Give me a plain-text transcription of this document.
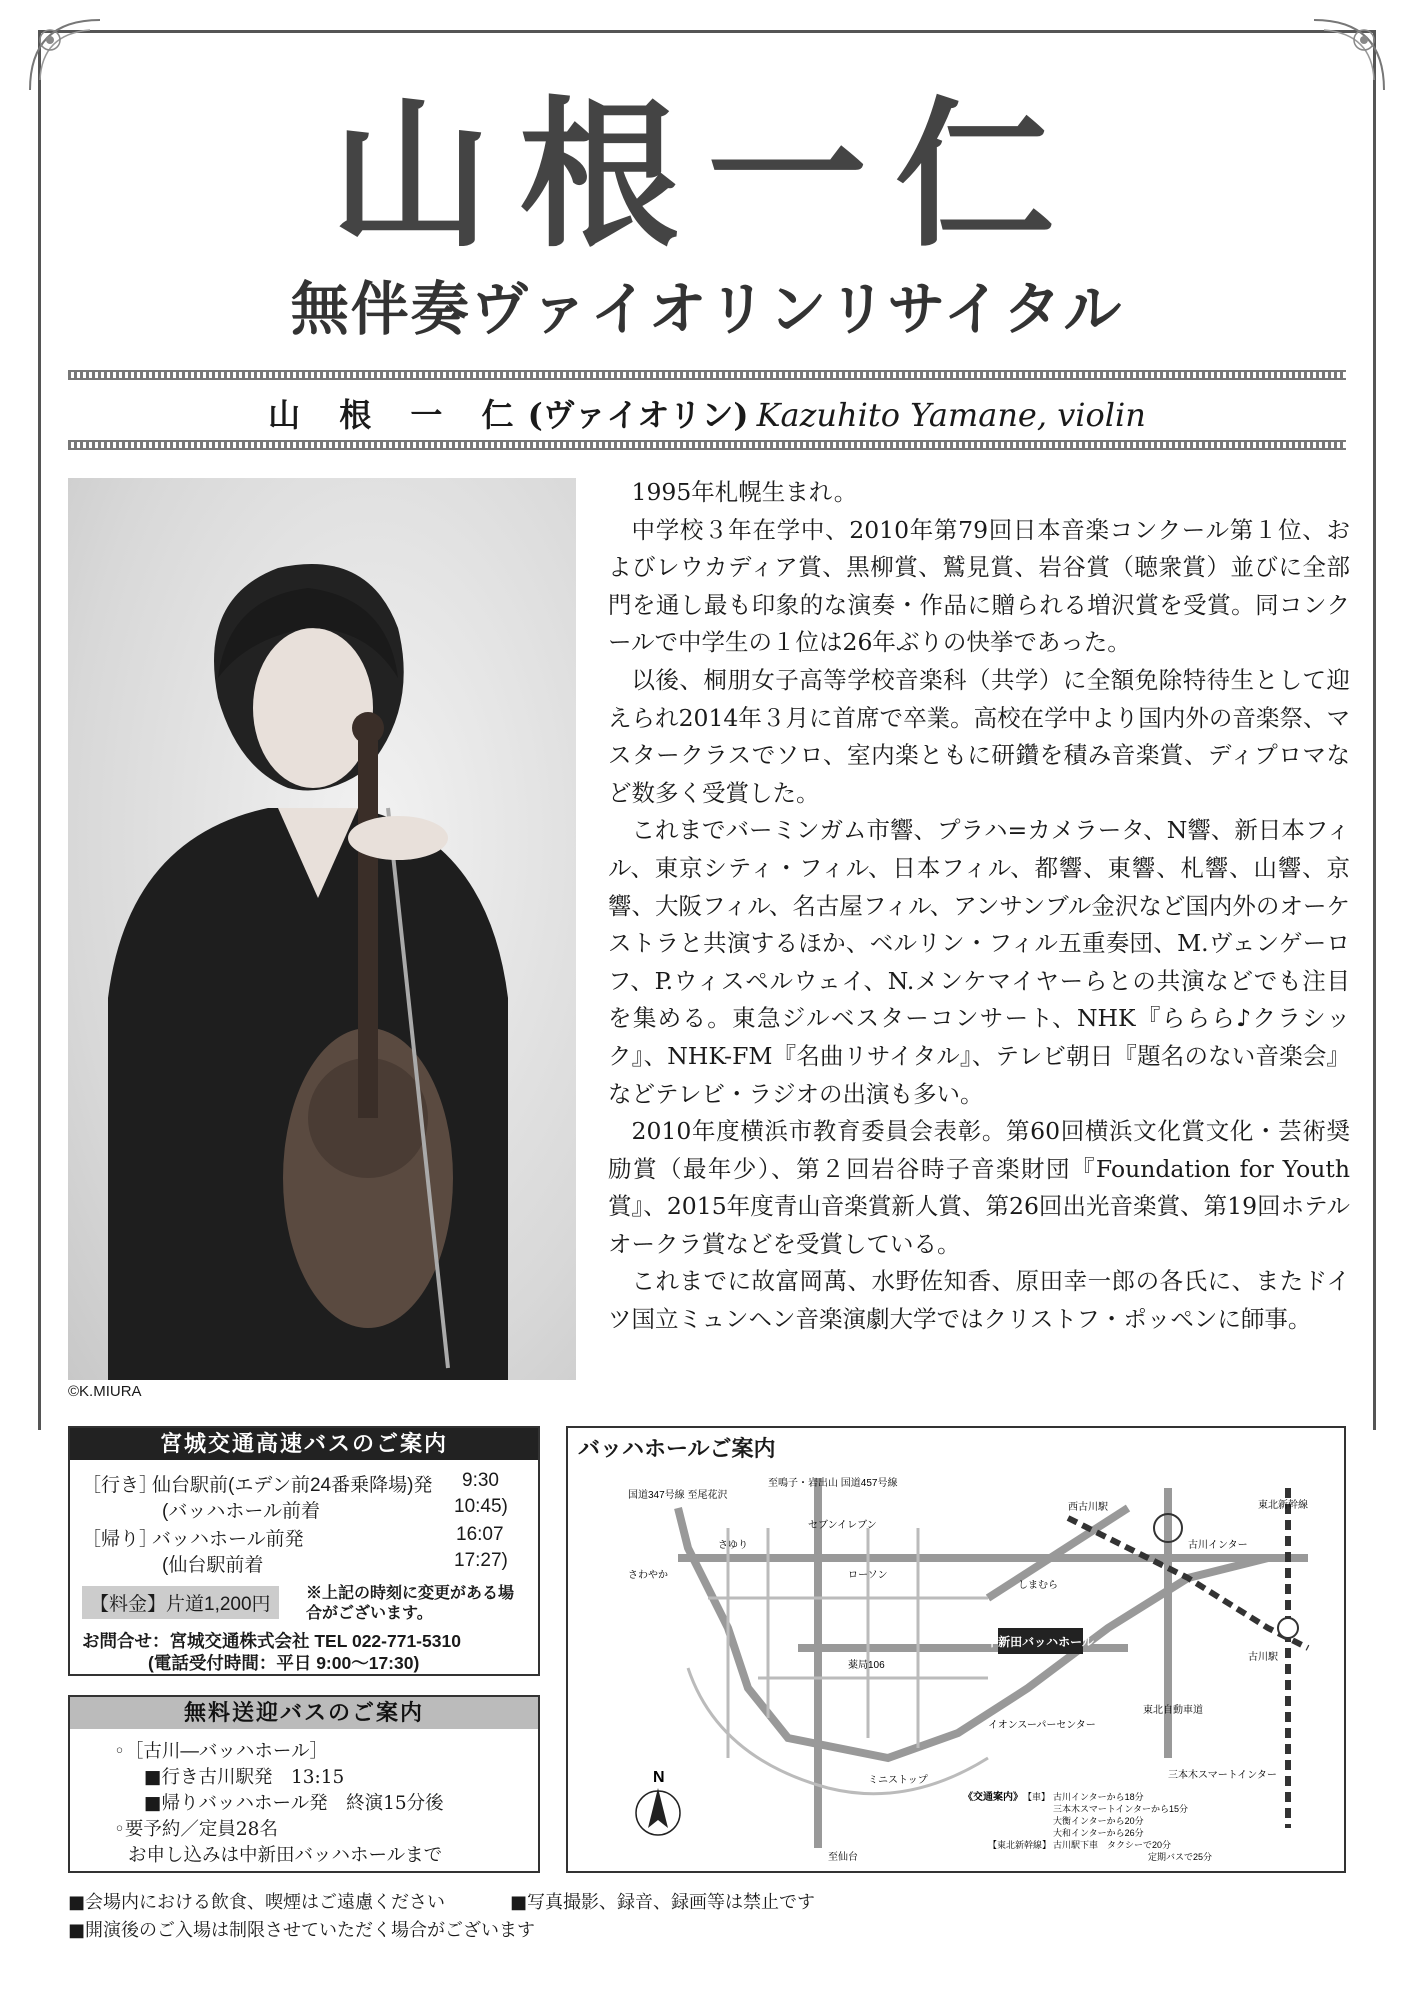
山根一仁
無伴奏ヴァイオリンリサイタル
山 根 一 仁(ヴァイオリン) Kazuhito Yamane, violin
©K.MIURA

1995年札幌生まれ。

中学校３年在学中、2010年第79回日本音楽コンクール第１位、およびレウカディア賞、黒柳賞、鷲見賞、岩谷賞（聴衆賞）並びに全部門を通し最も印象的な演奏・作品に贈られる増沢賞を受賞。同コンクールで中学生の１位は26年ぶりの快挙であった。

以後、桐朋女子高等学校音楽科（共学）に全額免除特待生として迎えられ2014年３月に首席で卒業。高校在学中より国内外の音楽祭、マスタークラスでソロ、室内楽ともに研鑽を積み音楽賞、ディプロマなど数多く受賞した。

これまでバーミンガム市響、プラハ=カメラータ、N響、新日本フィル、東京シティ・フィル、日本フィル、都響、東響、札響、山響、京響、大阪フィル、名古屋フィル、アンサンブル金沢など国内外のオーケストラと共演するほか、ベルリン・フィル五重奏団、M.ヴェンゲーロフ、P.ウィスペルウェイ、N.メンケマイヤーらとの共演などでも注目を集める。東急ジルベスターコンサート、NHK『ららら♪クラシック』、NHK-FM『名曲リサイタル』、テレビ朝日『題名のない音楽会』などテレビ・ラジオの出演も多い。

2010年度横浜市教育委員会表彰。第60回横浜文化賞文化・芸術奨励賞（最年少）、第２回岩谷時子音楽財団『Foundation for Youth 賞』、2015年度青山音楽賞新人賞、第26回出光音楽賞、第19回ホテルオークラ賞などを受賞している。

これまでに故富岡萬、水野佐知香、原田幸一郎の各氏に、またドイツ国立ミュンヘン音楽演劇大学ではクリストフ・ポッペンに師事。

宮城交通高速バスのご案内
［行き］
仙台駅前(エデン前24番乗降場)発 9:30
(バッハホール前着	10:45)
［帰り］
バッハホール前発	16:07
(仙台駅前着	17:27)
【料金】片道1,200円
※上記の時刻に変更がある場合がございます。
お問合せ：宮城交通株式会社 TEL 022-771-5310
(電話受付時間：平日 9:00〜17:30)
無料送迎バスのご案内
◦［古川―バッハホール］
■行き古川駅発　13:15
■帰りバッハホール発　終演15分後
◦要予約／定員28名
お申し込みは中新田バッハホールまで
バッハホールご案内
中新田バッハホール
国道347号線 至尾花沢
至鳴子・岩出山 国道457号線
西古川駅
古川インター
古川駅
東北新幹線
東北自動車道
三本木スマートインター
さゆり
さわやか	ローソン
セブンイレブン
イオンスーパーセンター
ミニストップ
しまむら
薬局106
至仙台
N
《交通案内》 【車】 古川インターから18分
三本木スマートインターから15分
大衡インターから20分
大和インターから26分
【東北新幹線】 古川駅下車　タクシーで20分
定期バスで25分
■会場内における飲食、喫煙はご遠慮ください	■写真撮影、録音、録画等は禁止です
■開演後のご入場は制限させていただく場合がございます
